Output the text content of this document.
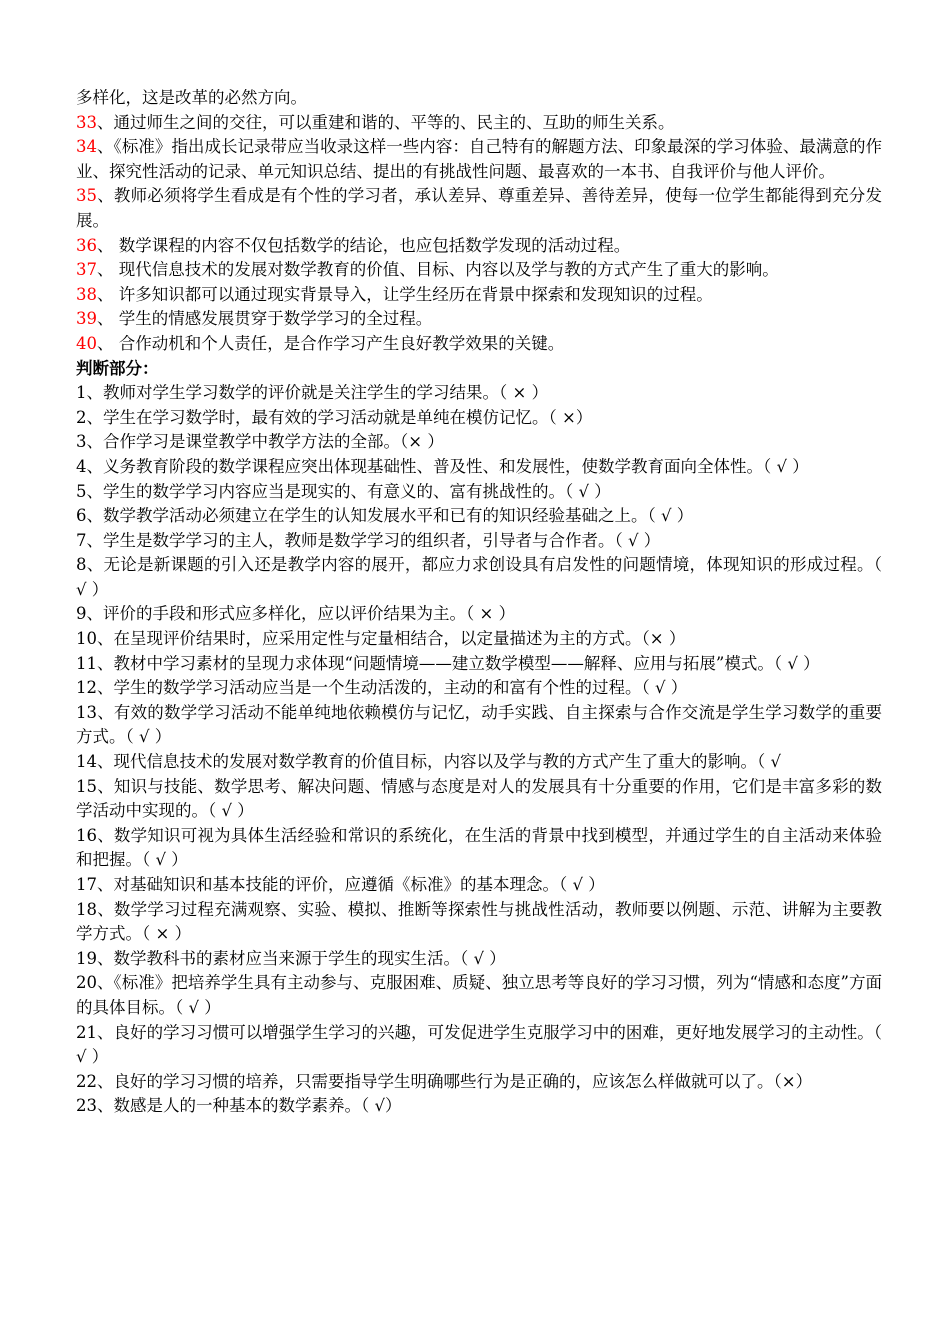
多样化，这是改革的必然方向。

33、通过师生之间的交往，可以重建和谐的、平等的、民主的、互助的师生关系。

34、《标准》指出成长记录带应当收录这样一些内容：自己特有的解题方法、印象最深的学习体验、最满意的作业、探究性活动的记录、单元知识总结、提出的有挑战性问题、最喜欢的一本书、自我评价与他人评价。

35、教师必须将学生看成是有个性的学习者，承认差异、尊重差异、善待差异，使每一位学生都能得到充分发展。

36、 数学课程的内容不仅包括数学的结论，也应包括数学发现的活动过程。

37、 现代信息技术的发展对数学教育的价值、目标、内容以及学与教的方式产生了重大的影响。

38、 许多知识都可以通过现实背景导入，让学生经历在背景中探索和发现知识的过程。

39、 学生的情感发展贯穿于数学学习的全过程。

40、 合作动机和个人责任，是合作学习产生良好教学效果的关键。

判断部分：

1、教师对学生学习数学的评价就是关注学生的学习结果。（ × ）

2、学生在学习数学时，最有效的学习活动就是单纯在模仿记忆。（ ×）

3、合作学习是课堂教学中教学方法的全部。（× ）

4、义务教育阶段的数学课程应突出体现基础性、普及性、和发展性，使数学教育面向全体性。（ √ ）

5、学生的数学学习内容应当是现实的、有意义的、富有挑战性的。（ √ ）

6、数学教学活动必须建立在学生的认知发展水平和已有的知识经验基础之上。（ √ ）

7、学生是数学学习的主人，教师是数学学习的组织者，引导者与合作者。（ √ ）

8、无论是新课题的引入还是教学内容的展开，都应力求创设具有启发性的问题情境，体现知识的形成过程。（ √ ）

9、评价的手段和形式应多样化，应以评价结果为主。（ × ）

10、在呈现评价结果时，应采用定性与定量相结合，以定量描述为主的方式。（× ）

11、教材中学习素材的呈现力求体现“问题情境——建立数学模型——解释、应用与拓展”模式。（ √ ）

12、学生的数学学习活动应当是一个生动活泼的，主动的和富有个性的过程。（ √ ）

13、有效的数学学习活动不能单纯地依赖模仿与记忆，动手实践、自主探索与合作交流是学生学习数学的重要方式。（ √ ）

14、现代信息技术的发展对数学教育的价值目标，内容以及学与教的方式产生了重大的影响。（ √

15、知识与技能、数学思考、解决问题、情感与态度是对人的发展具有十分重要的作用，它们是丰富多彩的数学活动中实现的。（ √ ）

16、数学知识可视为具体生活经验和常识的系统化，在生活的背景中找到模型，并通过学生的自主活动来体验和把握。（ √ ）

17、对基础知识和基本技能的评价，应遵循《标准》的基本理念。（ √ ）

18、数学学习过程充满观察、实验、模拟、推断等探索性与挑战性活动，教师要以例题、示范、讲解为主要教学方式。（ × ）

19、数学教科书的素材应当来源于学生的现实生活。（ √ ）

20、《标准》把培养学生具有主动参与、克服困难、质疑、独立思考等良好的学习习惯，列为“情感和态度”方面的具体目标。（ √ ）

21、良好的学习习惯可以增强学生学习的兴趣，可发促进学生克服学习中的困难，更好地发展学习的主动性。（ √ ）

22、良好的学习习惯的培养，只需要指导学生明确哪些行为是正确的，应该怎么样做就可以了。（×）

23、数感是人的一种基本的数学素养。（ √）
